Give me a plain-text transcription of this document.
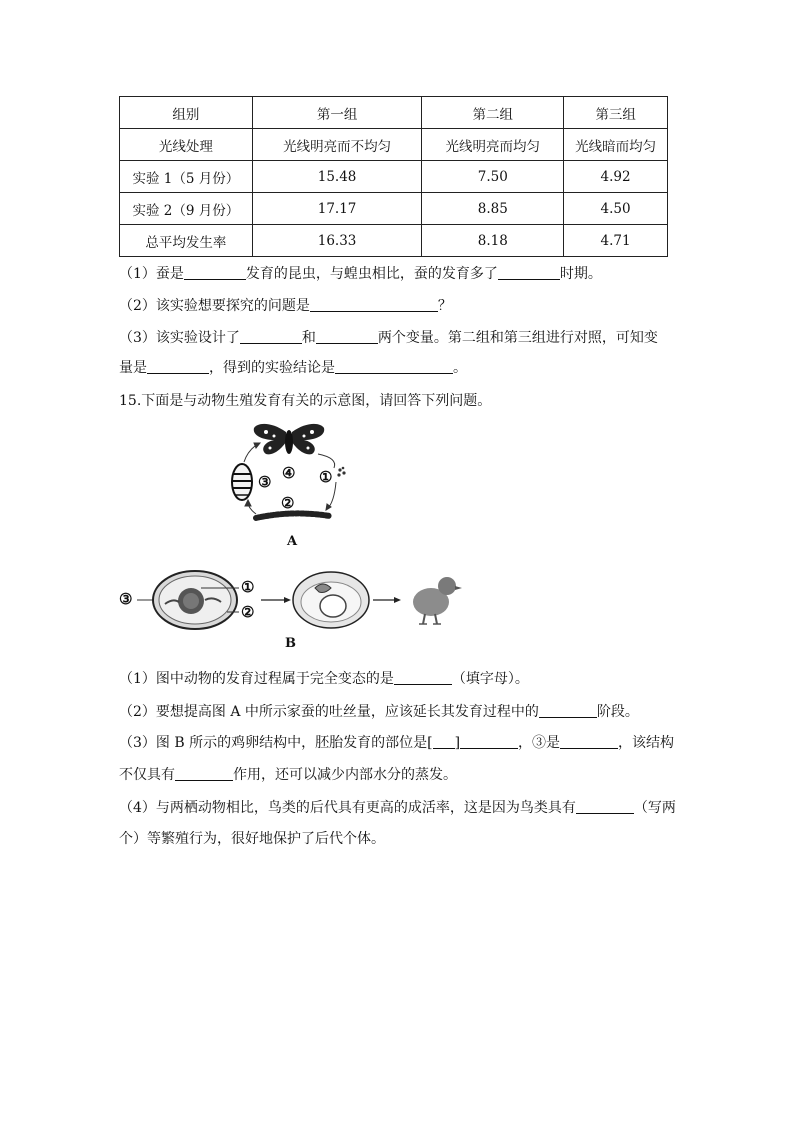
组别	第一组	第二组	第三组
光线处理	光线明亮而不均匀	光线明亮而均匀	光线暗而均匀
实验 1（5 月份）	15.48	7.50	4.92
实验 2（9 月份）	17.17	8.85	4.50
总平均发生率	16.33	8.18	4.71
（1）蚕是	发育的昆虫，与蝗虫相比，蚕的发育多了	时期。
（2）该实验想要探究的问题是	？
（3）该实验设计了	和	两个变量。第二组和第三组进行对照，可知变
量是	，得到的实验结论是	。
15.下面是与动物生殖发育有关的示意图，请回答下列问题。
④ ①
③
②
A
③
①
②
B
（1）图中动物的发育过程属于完全变态的是	（填字母）。
（2）要想提高图 A 中所示家蚕的吐丝量，应该延长其发育过程中的	阶段。
（3）图 B 所示的鸡卵结构中，胚胎发育的部位是[ ]	，③是	，该结构
不仅具有	作用，还可以减少内部水分的蒸发。
（4）与两栖动物相比，鸟类的后代具有更高的成活率，这是因为鸟类具有	（写两
个）等繁殖行为，很好地保护了后代个体。
